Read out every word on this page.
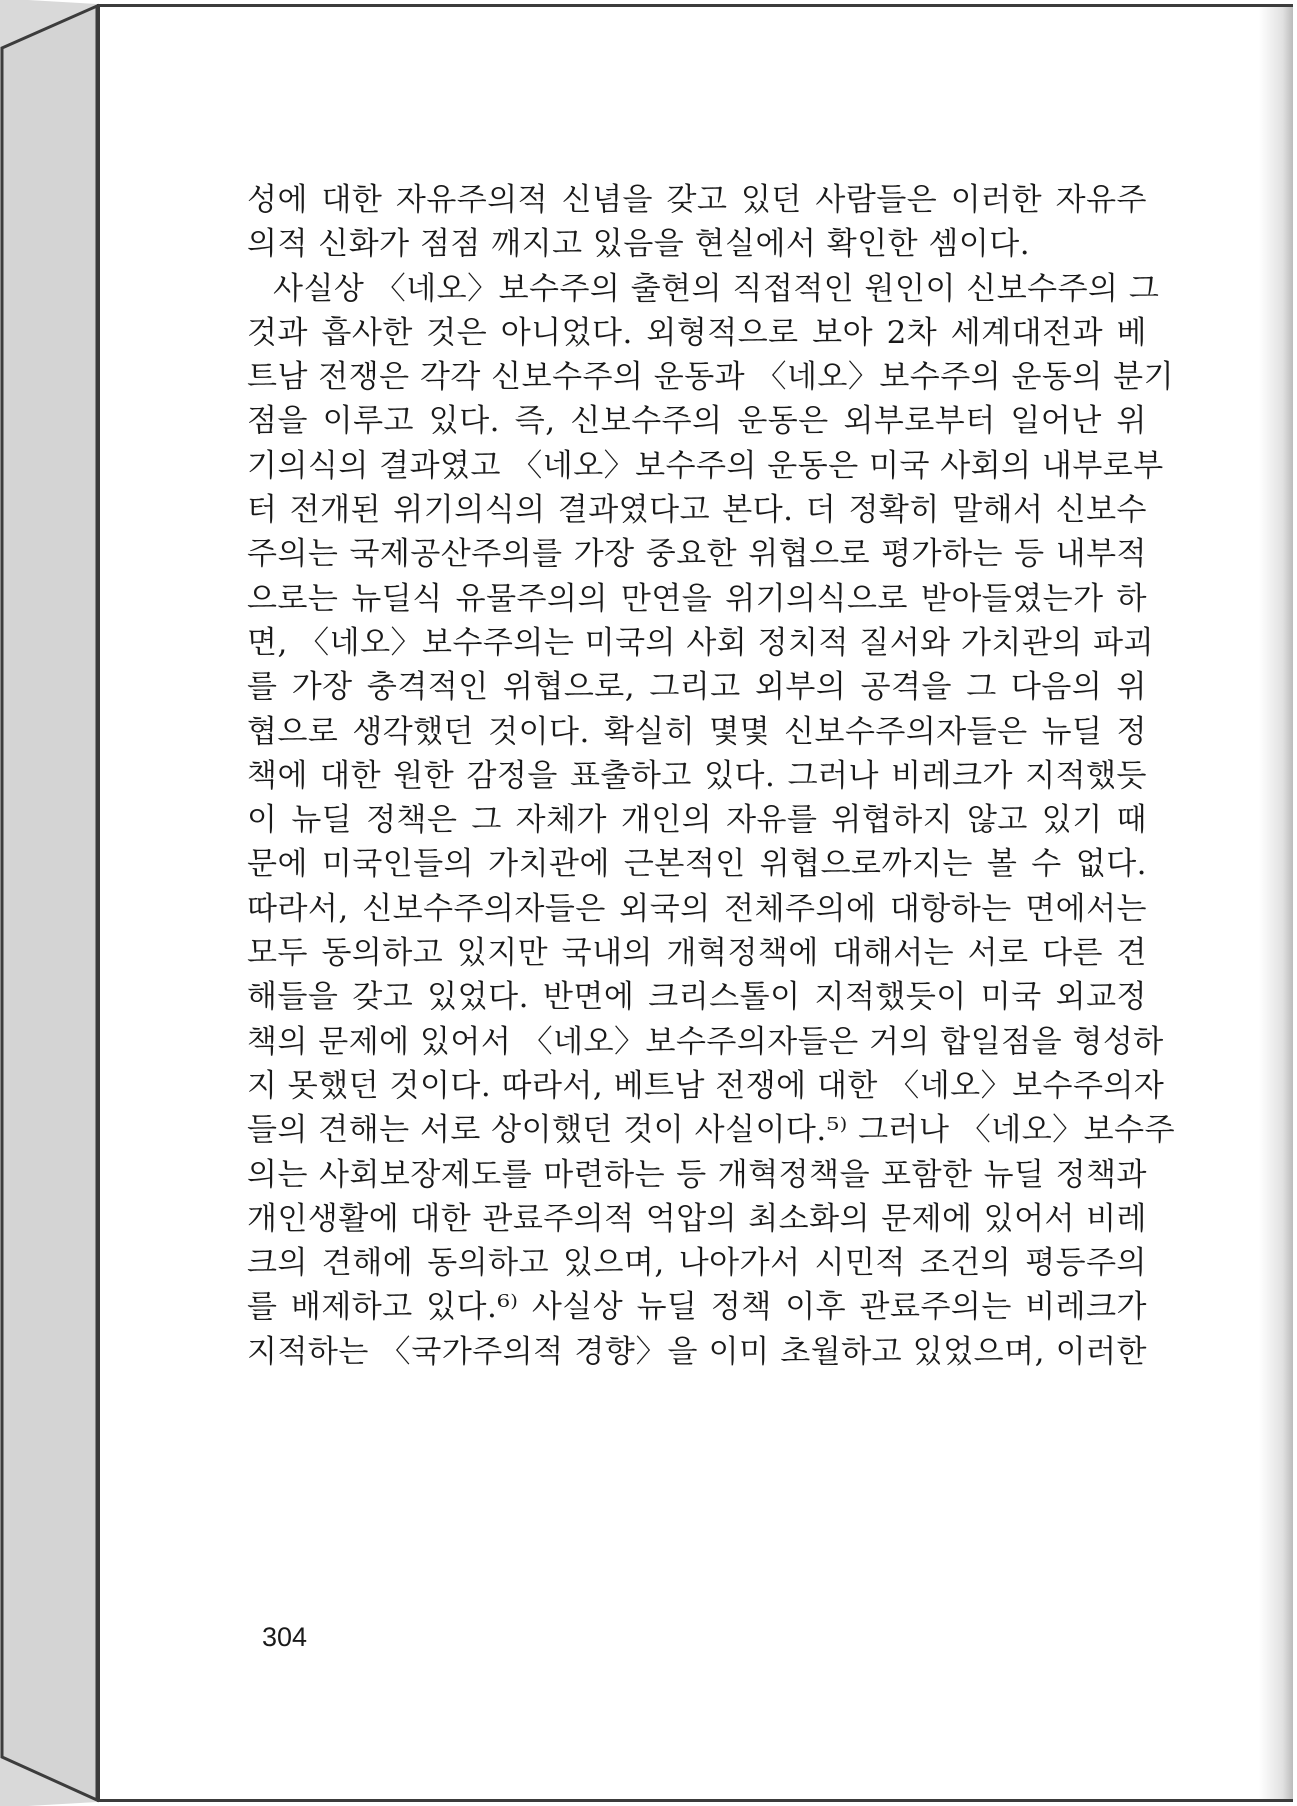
성에 대한 자유주의적 신념을 갖고 있던 사람들은 이러한 자유주
의적 신화가 점점 깨지고 있음을 현실에서 확인한 셈이다.
사실상 〈네오〉보수주의 출현의 직접적인 원인이 신보수주의 그
것과 흡사한 것은 아니었다. 외형적으로 보아 2차 세계대전과 베
트남 전쟁은 각각 신보수주의 운동과 〈네오〉보수주의 운동의 분기
점을 이루고 있다. 즉, 신보수주의 운동은 외부로부터 일어난 위
기의식의 결과였고 〈네오〉보수주의 운동은 미국 사회의 내부로부
터 전개된 위기의식의 결과였다고 본다. 더 정확히 말해서 신보수
주의는 국제공산주의를 가장 중요한 위협으로 평가하는 등 내부적
으로는 뉴딜식 유물주의의 만연을 위기의식으로 받아들였는가 하
면, 〈네오〉보수주의는 미국의 사회 정치적 질서와 가치관의 파괴
를 가장 충격적인 위협으로, 그리고 외부의 공격을 그 다음의 위
협으로 생각했던 것이다. 확실히 몇몇 신보수주의자들은 뉴딜 정
책에 대한 원한 감정을 표출하고 있다. 그러나 비레크가 지적했듯
이 뉴딜 정책은 그 자체가 개인의 자유를 위협하지 않고 있기 때
문에 미국인들의 가치관에 근본적인 위협으로까지는 볼 수 없다.
따라서, 신보수주의자들은 외국의 전체주의에 대항하는 면에서는
모두 동의하고 있지만 국내의 개혁정책에 대해서는 서로 다른 견
해들을 갖고 있었다. 반면에 크리스톨이 지적했듯이 미국 외교정
책의 문제에 있어서 〈네오〉보수주의자들은 거의 합일점을 형성하
지 못했던 것이다. 따라서, 베트남 전쟁에 대한 〈네오〉보수주의자
들의 견해는 서로 상이했던 것이 사실이다.⁵⁾ 그러나 〈네오〉보수주
의는 사회보장제도를 마련하는 등 개혁정책을 포함한 뉴딜 정책과
개인생활에 대한 관료주의적 억압의 최소화의 문제에 있어서 비레
크의 견해에 동의하고 있으며, 나아가서 시민적 조건의 평등주의
를 배제하고 있다.⁶⁾ 사실상 뉴딜 정책 이후 관료주의는 비레크가
지적하는 〈국가주의적 경향〉을 이미 초월하고 있었으며, 이러한
304
